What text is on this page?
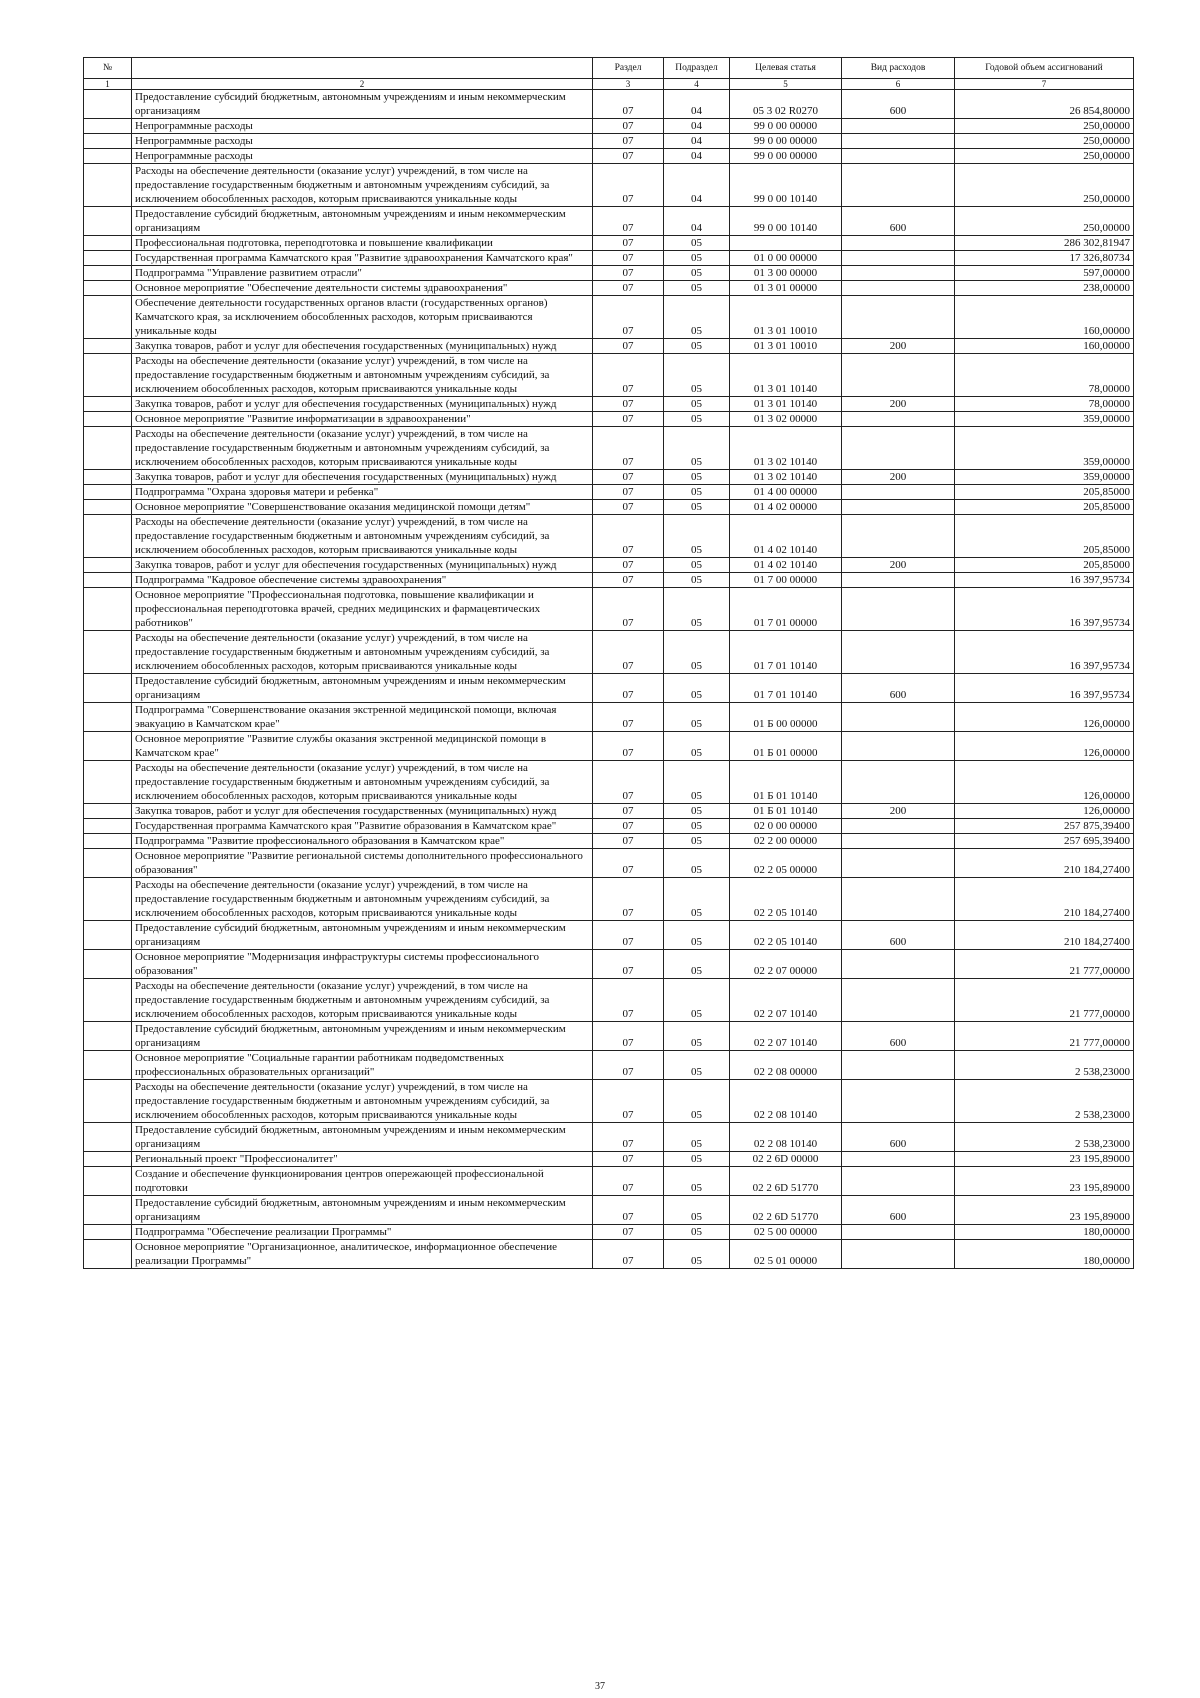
№		Раздел	Подраздел	Целевая статья	Вид расходов	Годовой объем ассигнований
1	2	3	4	5	6	7
	Предоставление субсидий бюджетным, автономным учреждениям и иным некоммерческим организациям	07	04	05 3 02 R0270	600	26 854,80000
	Непрограммные расходы	07	04	99 0 00 00000		250,00000
	Непрограммные расходы	07	04	99 0 00 00000		250,00000
	Непрограммные расходы	07	04	99 0 00 00000		250,00000
	Расходы на обеспечение деятельности (оказание услуг) учреждений, в том числе на предоставление государственным бюджетным и автономным учреждениям субсидий, за исключением обособленных расходов, которым присваиваются уникальные коды	07	04	99 0 00 10140		250,00000
	Предоставление субсидий бюджетным, автономным учреждениям и иным некоммерческим организациям	07	04	99 0 00 10140	600	250,00000
	Профессиональная подготовка, переподготовка и повышение квалификации	07	05			286 302,81947
	Государственная программа Камчатского края "Развитие здравоохранения Камчатского края"	07	05	01 0 00 00000		17 326,80734
	Подпрограмма "Управление развитием отрасли"	07	05	01 3 00 00000		597,00000
	Основное мероприятие "Обеспечение деятельности системы здравоохранения"	07	05	01 3 01 00000		238,00000
	Обеспечение деятельности государственных органов власти (государственных органов) Камчатского края, за исключением обособленных расходов, которым присваиваются уникальные коды	07	05	01 3 01 10010		160,00000
	Закупка товаров, работ и услуг для обеспечения государственных (муниципальных) нужд	07	05	01 3 01 10010	200	160,00000
	Расходы на обеспечение деятельности (оказание услуг) учреждений, в том числе на предоставление государственным бюджетным и автономным учреждениям субсидий, за исключением обособленных расходов, которым присваиваются уникальные коды	07	05	01 3 01 10140		78,00000
	Закупка товаров, работ и услуг для обеспечения государственных (муниципальных) нужд	07	05	01 3 01 10140	200	78,00000
	Основное мероприятие "Развитие информатизации в здравоохранении"	07	05	01 3 02 00000		359,00000
	Расходы на обеспечение деятельности (оказание услуг) учреждений, в том числе на предоставление государственным бюджетным и автономным учреждениям субсидий, за исключением обособленных расходов, которым присваиваются уникальные коды	07	05	01 3 02 10140		359,00000
	Закупка товаров, работ и услуг для обеспечения государственных (муниципальных) нужд	07	05	01 3 02 10140	200	359,00000
	Подпрограмма "Охрана здоровья матери и ребенка"	07	05	01 4 00 00000		205,85000
	Основное мероприятие "Совершенствование оказания медицинской помощи детям"	07	05	01 4 02 00000		205,85000
	Расходы на обеспечение деятельности (оказание услуг) учреждений, в том числе на предоставление государственным бюджетным и автономным учреждениям субсидий, за исключением обособленных расходов, которым присваиваются уникальные коды	07	05	01 4 02 10140		205,85000
	Закупка товаров, работ и услуг для обеспечения государственных (муниципальных) нужд	07	05	01 4 02 10140	200	205,85000
	Подпрограмма "Кадровое обеспечение системы здравоохранения"	07	05	01 7 00 00000		16 397,95734
	Основное мероприятие "Профессиональная подготовка, повышение квалификации и профессиональная переподготовка врачей, средних медицинских и фармацевтических работников"	07	05	01 7 01 00000		16 397,95734
	Расходы на обеспечение деятельности (оказание услуг) учреждений, в том числе на предоставление государственным бюджетным и автономным учреждениям субсидий, за исключением обособленных расходов, которым присваиваются уникальные коды	07	05	01 7 01 10140		16 397,95734
	Предоставление субсидий бюджетным, автономным учреждениям и иным некоммерческим организациям	07	05	01 7 01 10140	600	16 397,95734
	Подпрограмма "Совершенствование оказания экстренной медицинской помощи, включая эвакуацию в Камчатском крае"	07	05	01 Б 00 00000		126,00000
	Основное мероприятие "Развитие службы оказания экстренной медицинской помощи в Камчатском крае"	07	05	01 Б 01 00000		126,00000
	Расходы на обеспечение деятельности (оказание услуг) учреждений, в том числе на предоставление государственным бюджетным и автономным учреждениям субсидий, за исключением обособленных расходов, которым присваиваются уникальные коды	07	05	01 Б 01 10140		126,00000
	Закупка товаров, работ и услуг для обеспечения государственных (муниципальных) нужд	07	05	01 Б 01 10140	200	126,00000
	Государственная программа Камчатского края "Развитие образования в Камчатском крае"	07	05	02 0 00 00000		257 875,39400
	Подпрограмма "Развитие профессионального образования в Камчатском крае"	07	05	02 2 00 00000		257 695,39400
	Основное мероприятие "Развитие региональной системы дополнительного профессионального образования"	07	05	02 2 05 00000		210 184,27400
	Расходы на обеспечение деятельности (оказание услуг) учреждений, в том числе на предоставление государственным бюджетным и автономным учреждениям субсидий, за исключением обособленных расходов, которым присваиваются уникальные коды	07	05	02 2 05 10140		210 184,27400
	Предоставление субсидий бюджетным, автономным учреждениям и иным некоммерческим организациям	07	05	02 2 05 10140	600	210 184,27400
	Основное мероприятие "Модернизация инфраструктуры системы профессионального образования"	07	05	02 2 07 00000		21 777,00000
	Расходы на обеспечение деятельности (оказание услуг) учреждений, в том числе на предоставление государственным бюджетным и автономным учреждениям субсидий, за исключением обособленных расходов, которым присваиваются уникальные коды	07	05	02 2 07 10140		21 777,00000
	Предоставление субсидий бюджетным, автономным учреждениям и иным некоммерческим организациям	07	05	02 2 07 10140	600	21 777,00000
	Основное мероприятие "Социальные гарантии работникам подведомственных профессиональных образовательных организаций"	07	05	02 2 08 00000		2 538,23000
	Расходы на обеспечение деятельности (оказание услуг) учреждений, в том числе на предоставление государственным бюджетным и автономным учреждениям субсидий, за исключением обособленных расходов, которым присваиваются уникальные коды	07	05	02 2 08 10140		2 538,23000
	Предоставление субсидий бюджетным, автономным учреждениям и иным некоммерческим организациям	07	05	02 2 08 10140	600	2 538,23000
	Региональный проект "Профессионалитет"	07	05	02 2 6D 00000		23 195,89000
	Создание и обеспечение функционирования центров опережающей профессиональной подготовки	07	05	02 2 6D 51770		23 195,89000
	Предоставление субсидий бюджетным, автономным учреждениям и иным некоммерческим организациям	07	05	02 2 6D 51770	600	23 195,89000
	Подпрограмма "Обеспечение реализации Программы"	07	05	02 5 00 00000		180,00000
	Основное мероприятие "Организационное, аналитическое, информационное обеспечение реализации Программы"	07	05	02 5 01 00000		180,00000
37
